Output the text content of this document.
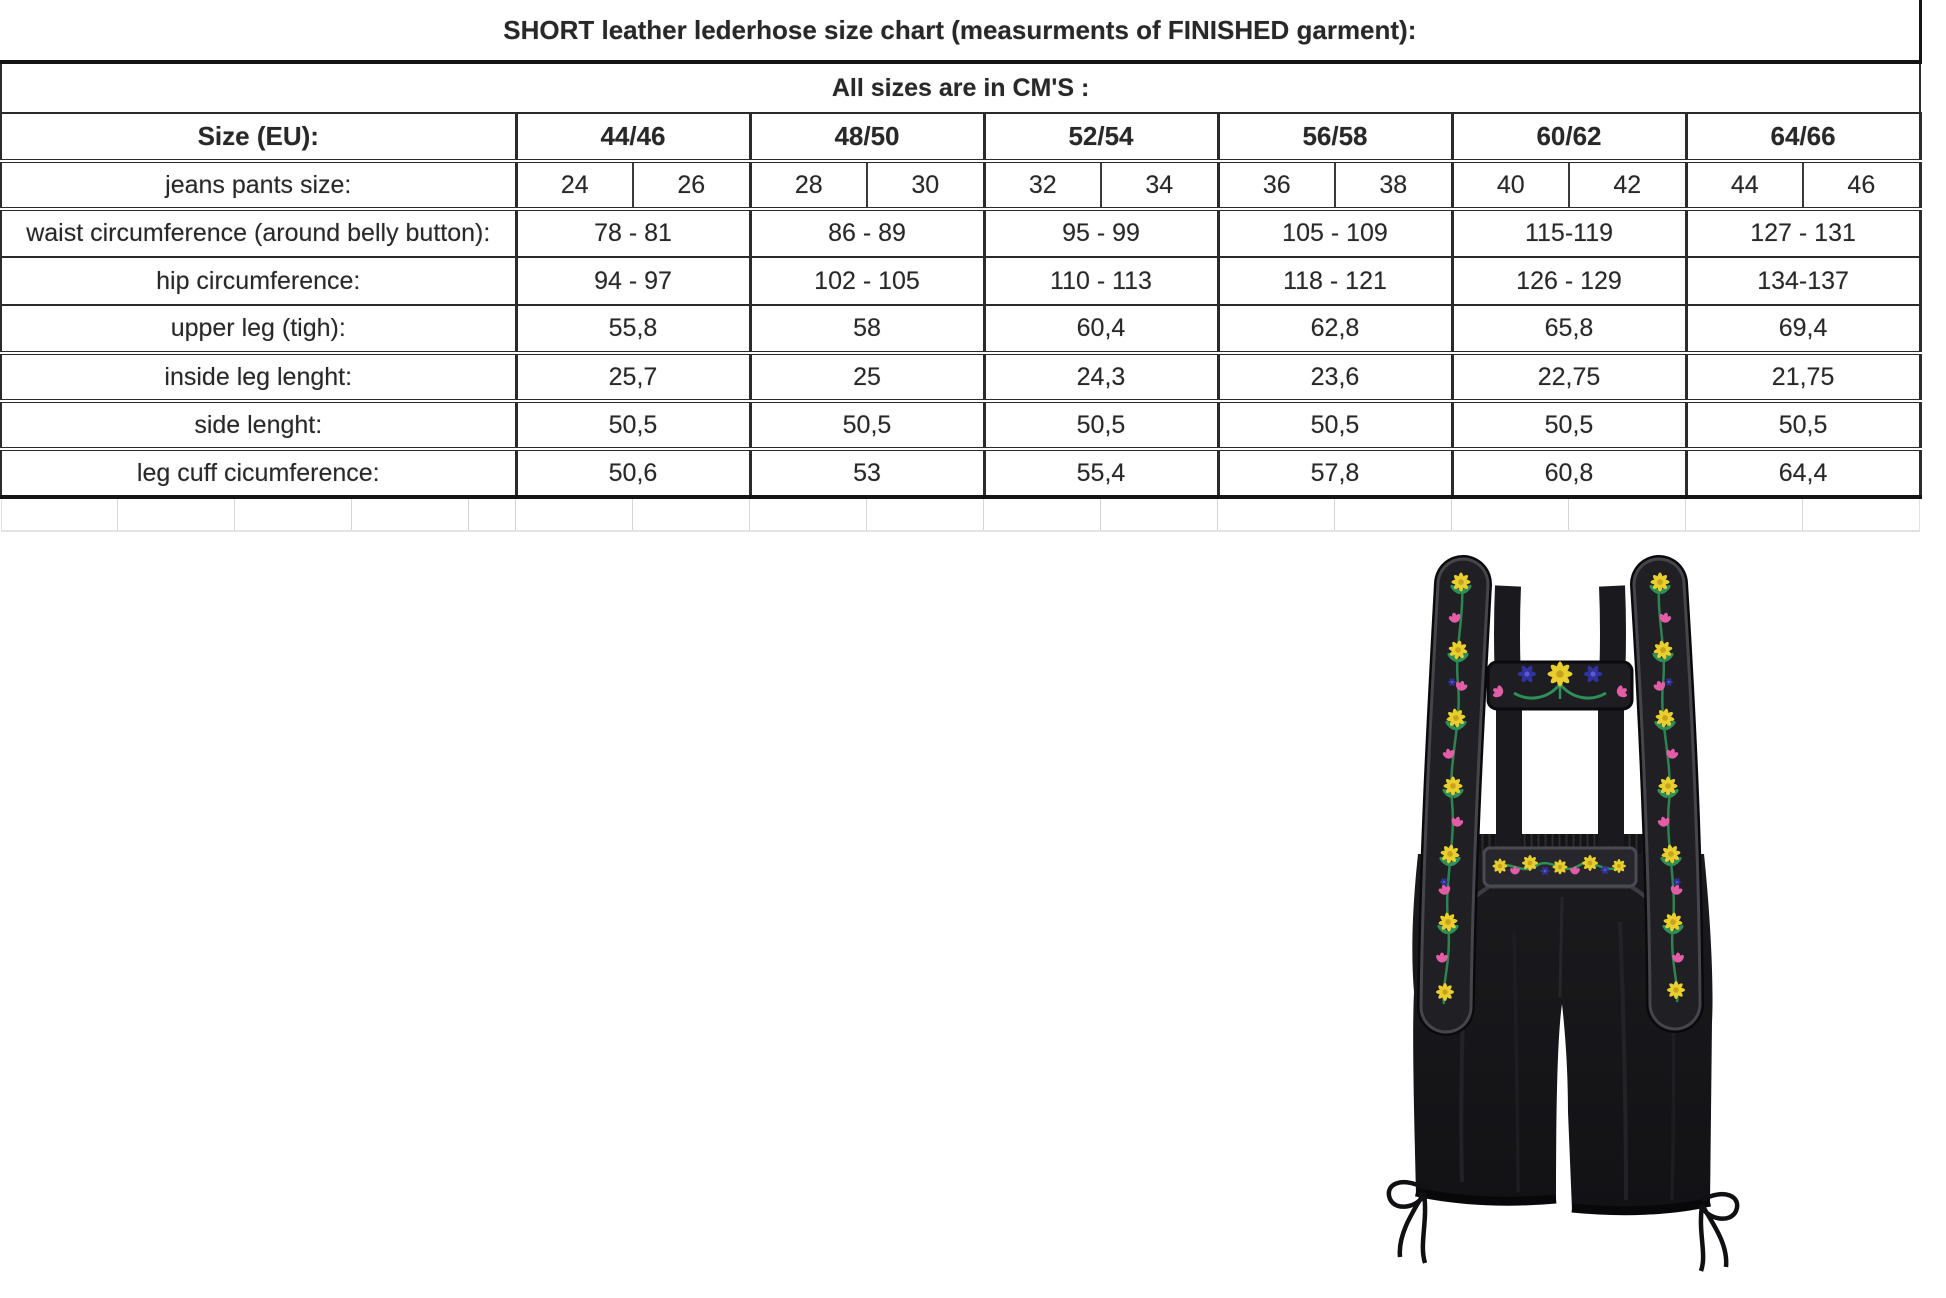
SHORT leather lederhose size chart (measurments of FINISHED garment):												
All sizes are in CM'S :												
Size (EU):	44/46		48/50		52/54		56/58		60/62		64/66	
jeans pants size:	24	26	28	30	32	34	36	38	40	42	44	46
waist circumference (around belly button):	78 - 81		86 - 89		95 - 99		105 - 109		115-119		127 - 131	
hip circumference:	94 - 97		102 - 105		110 - 113		118 - 121		126 - 129		134-137	
upper leg (tigh):	55,8		58		60,4		62,8		65,8		69,4	
inside leg lenght:	25,7		25		24,3		23,6		22,75		21,75	
side lenght:	50,5		50,5		50,5		50,5		50,5		50,5	
leg cuff cicumference:	50,6		53		55,4		57,8		60,8		64,4	
